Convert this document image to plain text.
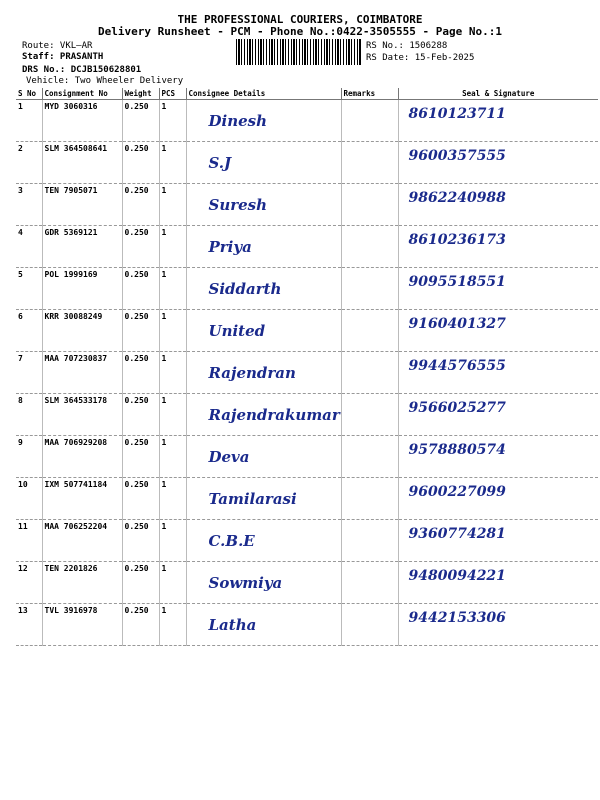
THE PROFESSIONAL COURIERS, COIMBATORE
Delivery Runsheet - PCM - Phone No.:0422-3505555 - Page No.:1
Route: VKL—AR
Staff: PRASANTH
DRS No.: DCJB150628801
Vehicle: Two Wheeler Delivery
RS No.: 1506288
RS Date: 15-Feb-2025
S No	Consignment No	Weight	PCS	Consignee Details	Remarks	Seal & Signature
1	MYD 3060316	0.250	1	Dinesh		8610123711
2	SLM 364508641	0.250	1	S.J		9600357555
3	TEN 7905071	0.250	1	Suresh		9862240988
4	GDR 5369121	0.250	1	Priya		8610236173
5	POL 1999169	0.250	1	Siddarth		9095518551
6	KRR 30088249	0.250	1	United		9160401327
7	MAA 707230837	0.250	1	Rajendran		9944576555
8	SLM 364533178	0.250	1	Rajendrakumar		9566025277
9	MAA 706929208	0.250	1	Deva		9578880574
10	IXM 507741184	0.250	1	Tamilarasi		9600227099
11	MAA 706252204	0.250	1	C.B.E		9360774281
12	TEN 2201826	0.250	1	Sowmiya		9480094221
13	TVL 3916978	0.250	1	Latha		9442153306
